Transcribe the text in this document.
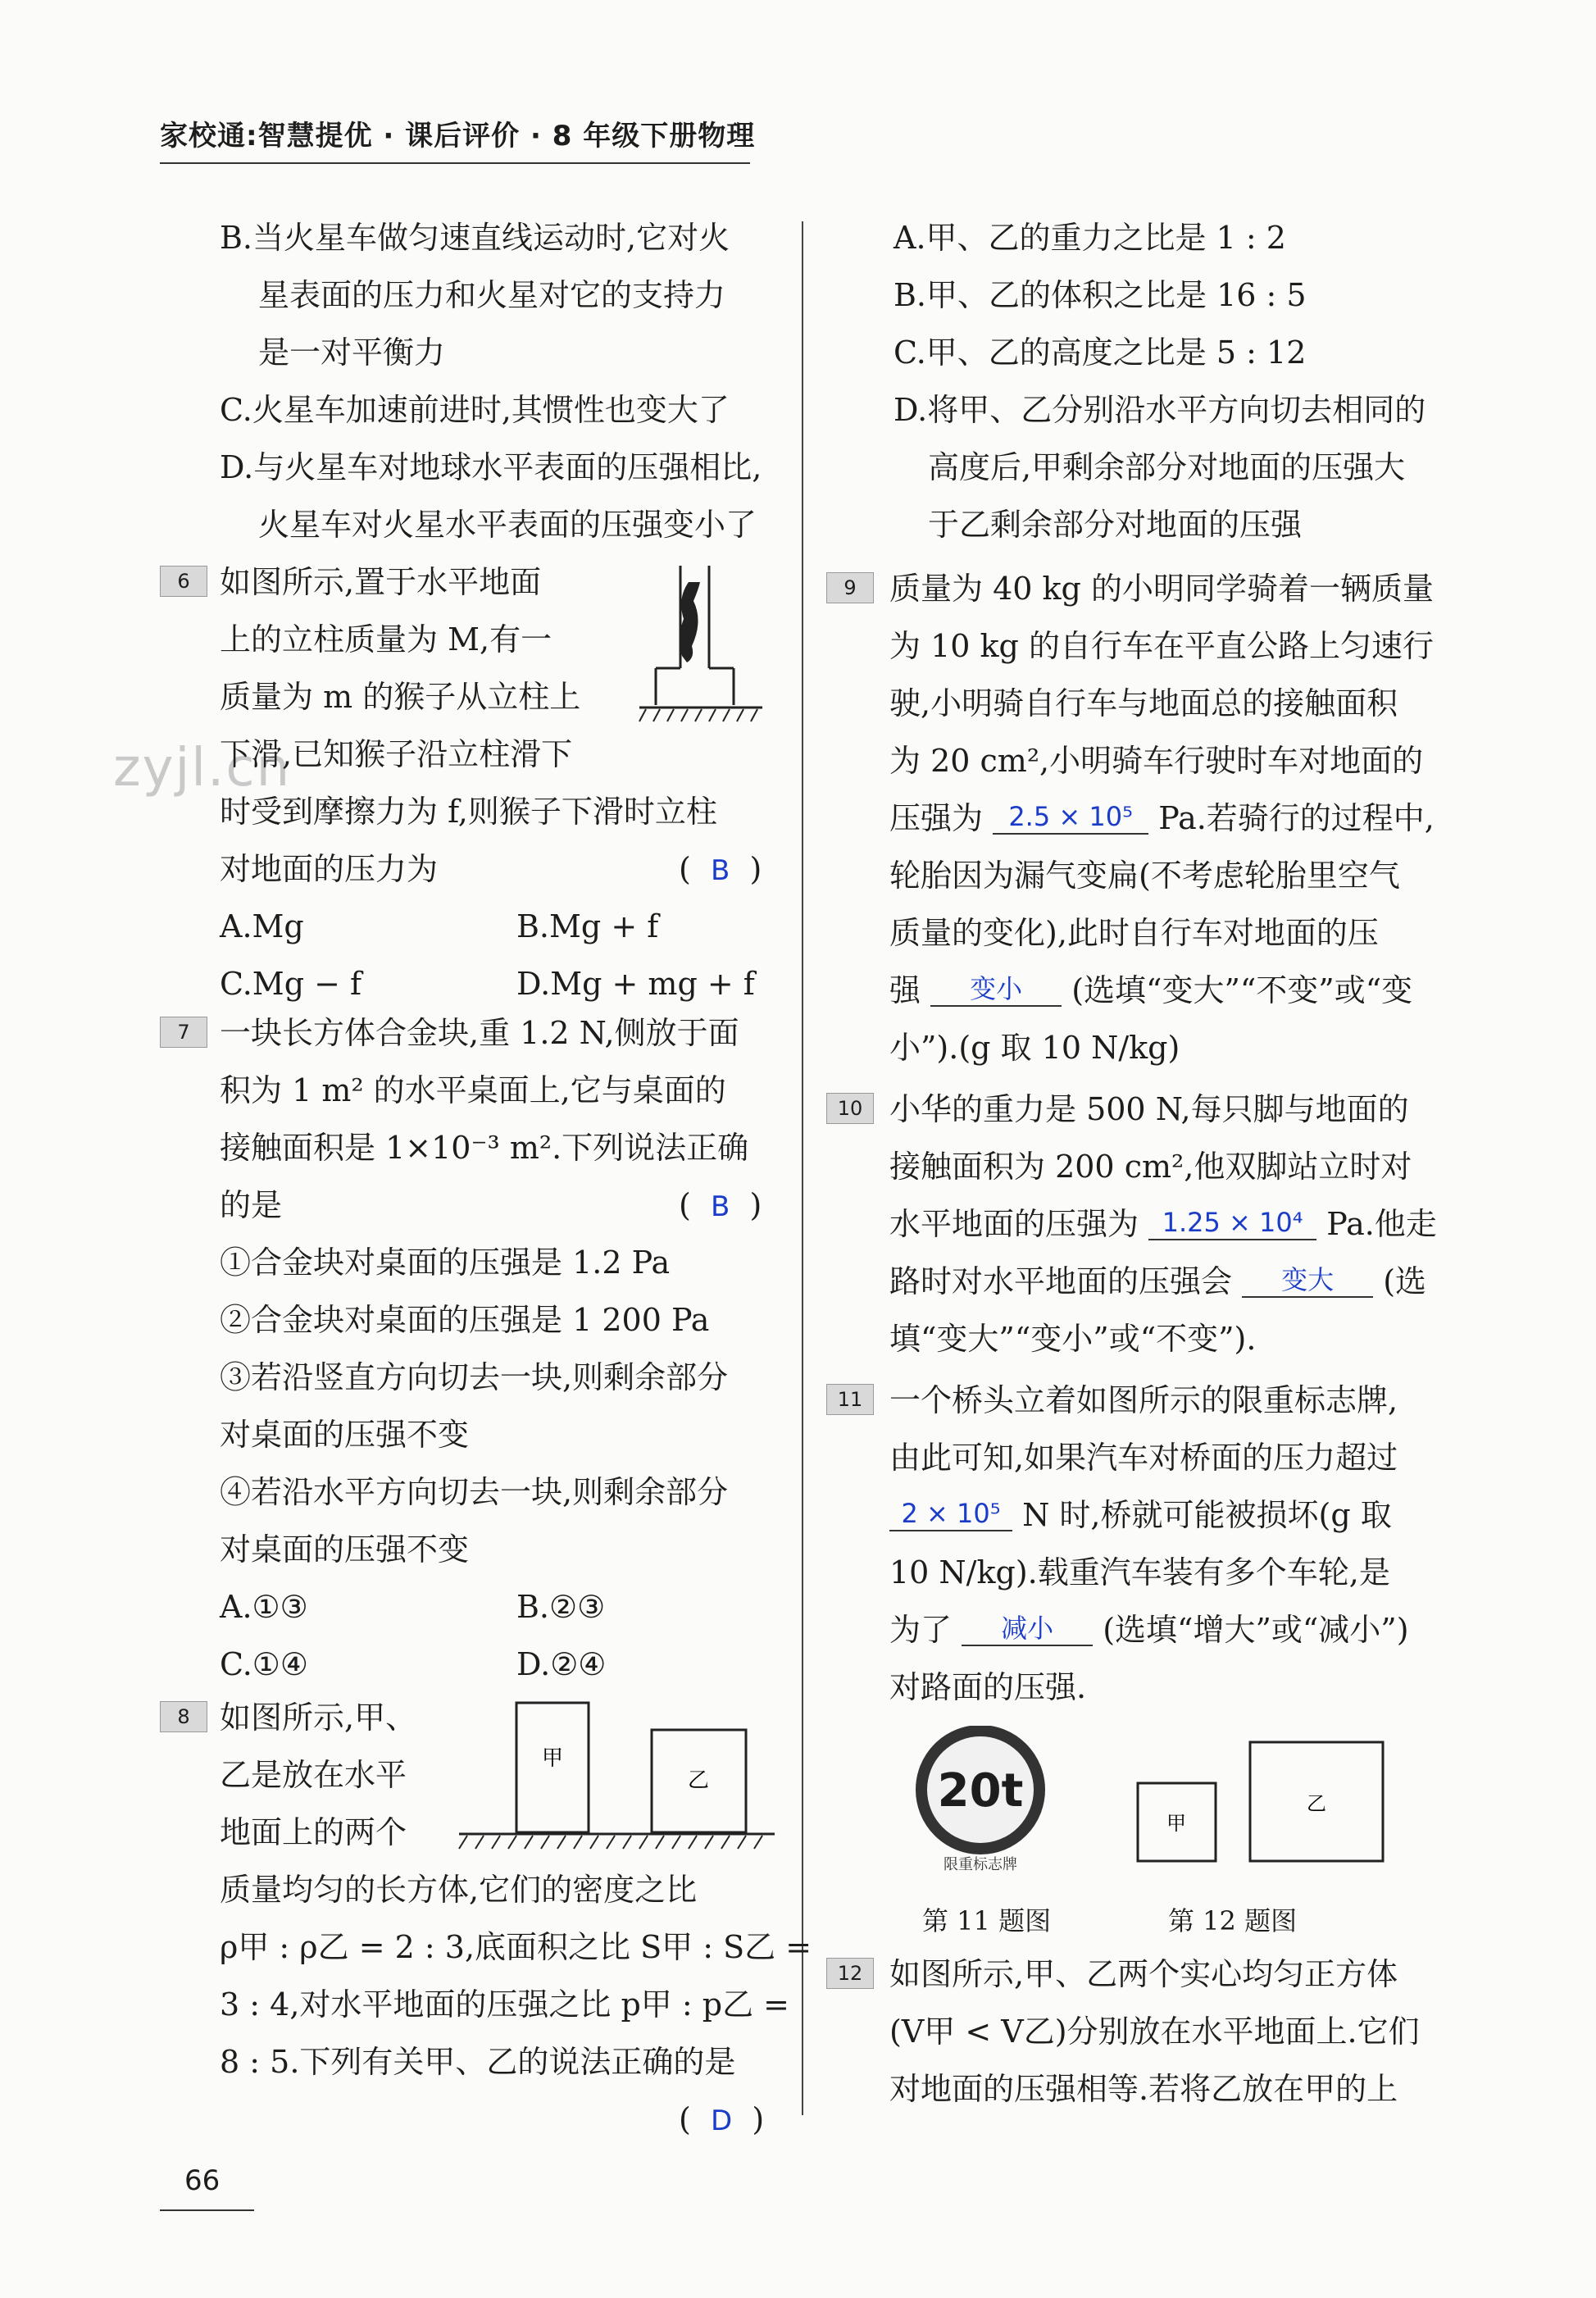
家校通:智慧提优 · 课后评价 · 8 年级下册物理
zyjl.cn
B.当火星车做匀速直线运动时,它对火
星表面的压力和火星对它的支持力
是一对平衡力
C.火星车加速前进时,其惯性也变大了
D.与火星车对地球水平表面的压强相比,
火星车对火星水平表面的压强变小了
6 如图所示,置于水平地面
上的立柱质量为 M,有一
质量为 m 的猴子从立柱上
下滑,已知猴子沿立柱滑下
时受到摩擦力为 f,则猴子下滑时立柱
对地面的压力为	(  B  )
A.Mg	B.Mg + f
C.Mg − f	D.Mg + mg + f
7 一块长方体合金块,重 1.2 N,侧放于面
积为 1 m² 的水平桌面上,它与桌面的
接触面积是 1×10⁻³ m².下列说法正确
的是	(  B  )
①合金块对桌面的压强是 1.2 Pa
②合金块对桌面的压强是 1 200 Pa
③若沿竖直方向切去一块,则剩余部分
对桌面的压强不变
④若沿水平方向切去一块,则剩余部分
对桌面的压强不变
A.①③	B.②③
C.①④	D.②④
8 如图所示,甲、
乙是放在水平
地面上的两个
质量均匀的长方体,它们的密度之比
ρ甲 : ρ乙 = 2 : 3,底面积之比 S甲 : S乙 =
3 : 4,对水平地面的压强之比 p甲 : p乙 =
8 : 5.下列有关甲、乙的说法正确的是
(  D  )
甲
乙
A.甲、乙的重力之比是 1 : 2
B.甲、乙的体积之比是 16 : 5
C.甲、乙的高度之比是 5 : 12
D.将甲、乙分别沿水平方向切去相同的
高度后,甲剩余部分对地面的压强大
于乙剩余部分对地面的压强
9	质量为 40 kg 的小明同学骑着一辆质量
为 10 kg 的自行车在平直公路上匀速行
驶,小明骑自行车与地面总的接触面积
为 20 cm²,小明骑车行驶时车对地面的
压强为 2.5 × 10⁵ Pa.若骑行的过程中,
轮胎因为漏气变扁(不考虑轮胎里空气
质量的变化),此时自行车对地面的压
强 变小 (选填“变大”“不变”或“变
小”).(g 取 10 N/kg)
10 小华的重力是 500 N,每只脚与地面的
接触面积为 200 cm²,他双脚站立时对
水平地面的压强为 1.25 × 10⁴ Pa.他走
路时对水平地面的压强会 变大 (选
填“变大”“变小”或“不变”).
11 一个桥头立着如图所示的限重标志牌,
由此可知,如果汽车对桥面的压力超过
2 × 10⁵ N 时,桥就可能被损坏(g 取
10 N/kg).载重汽车装有多个车轮,是
为了 减小 (选填“增大”或“减小”)
对路面的压强.
20t
限重标志牌
甲
乙
第 11 题图	第 12 题图
12 如图所示,甲、乙两个实心均匀正方体
(V甲 < V乙)分别放在水平地面上.它们
对地面的压强相等.若将乙放在甲的上
66
